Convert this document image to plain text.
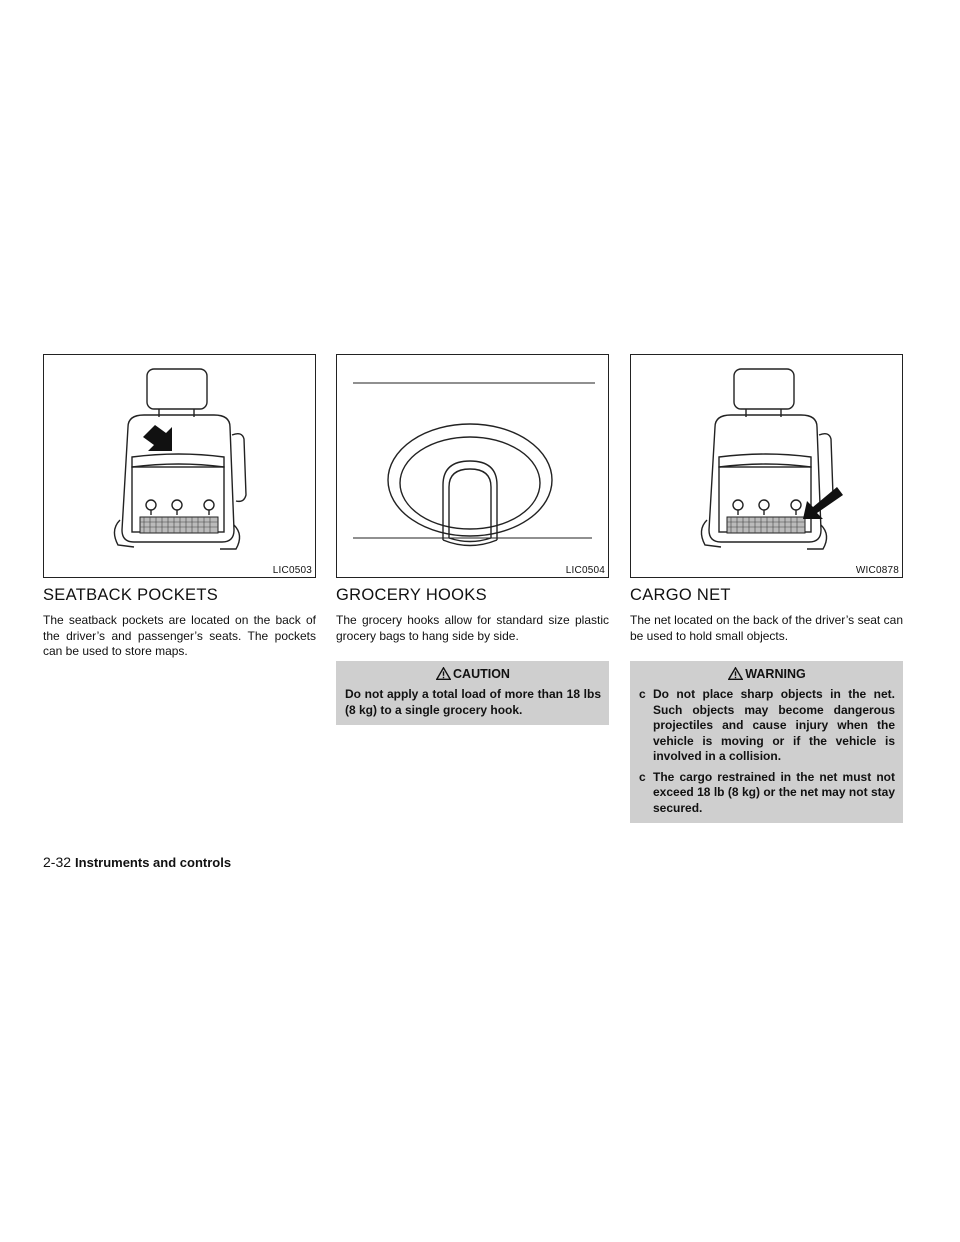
LIC0503
SEATBACK POCKETS

The seatback pockets are located on the back of the driver’s and passenger’s seats. The pockets can be used to store maps.

LIC0504
GROCERY HOOKS

The grocery hooks allow for standard size plastic grocery bags to hang side by side.

CAUTION
Do not apply a total load of more than 18 lbs (8 kg) to a single grocery hook.
WIC0878
CARGO NET

The net located on the back of the driver’s seat can be used to hold small objects.

WARNING
c Do not place sharp objects in the net. Such objects may become dangerous projectiles and cause injury when the vehicle is moving or if the vehicle is involved in a collision.
c The cargo restrained in the net must not exceed 18 lb (8 kg) or the net may not stay secured.
2-32 Instruments and controls
